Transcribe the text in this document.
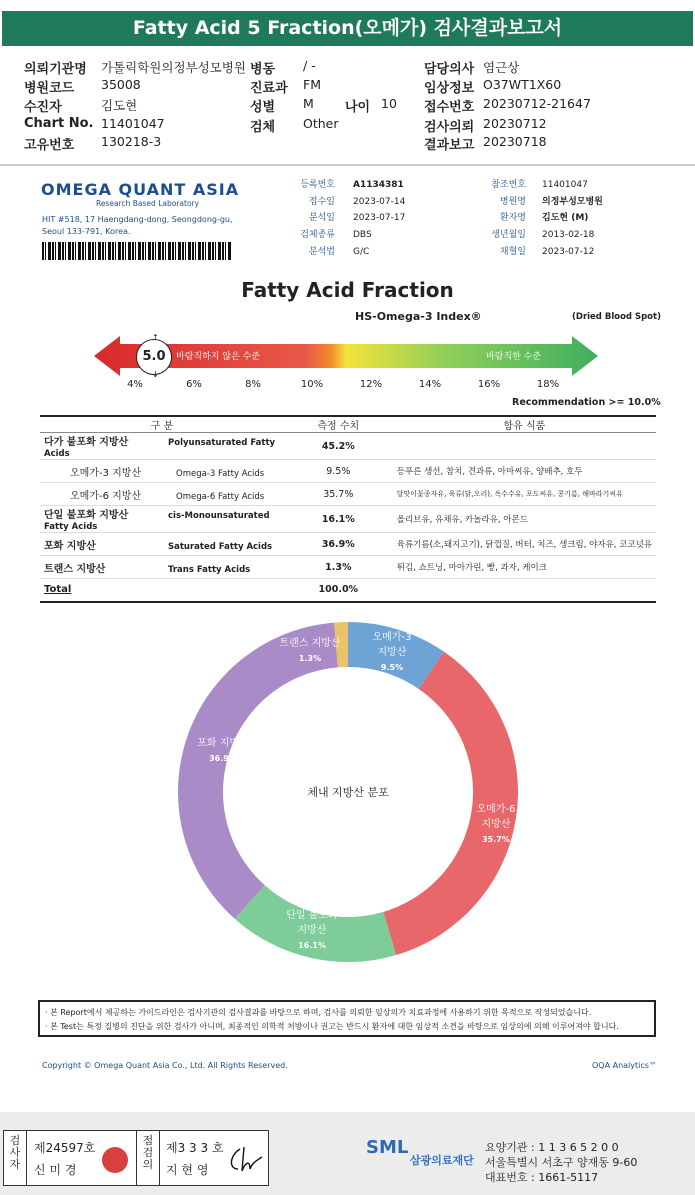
Fatty Acid 5 Fraction(오메가) 검사결과보고서
의뢰기관명 가톨릭학원의정부성모병원 병동 / -	담당의사 염근상
병원코드 35008	진료과 FM	임상정보 O37WT1X60
수진자	김도현	성별 M 나이 10 접수번호 20230712-21647
Chart No. 11401047	검체 Other	검사의뢰 20230712
고유번호 130218-3	결과보고 20230718
OMEGA QUANT ASIA
Research Based Laboratory
HIT #518, 17 Haengdang-dong, Seongdong-gu,
Seoul 133-791, Korea.
등록번호 A1134381	참조번호 11401047
접수일 2023-07-14	병원명 의정부성모병원
분석일 2023-07-17	환자명 김도현 (M)
검체종류 DBS	생년월일 2013-02-18
분석법 G/C	채혈일 2023-07-12
Fatty Acid Fraction
HS-Omega-3 Index®	(Dried Blood Spot)
바람직하지 않은 수준	바람직한 수준
5.0
↑
↓
4%	6%	8%	10%	12%	14%	16%	18%
Recommendation >= 10.0%
구 분	측정 수치	함유 식품
다가 불포화 지방산 Polyunsaturated Fatty Acids	45.2%	
오메가-3 지방산 Omega-3 Fatty Acids	9.5%	등푸른 생선, 참치, 견과류, 아마씨유, 양배추, 호두
오메가-6 지방산 Omega-6 Fatty Acids	35.7%	달맞이꽃종자유, 육류(닭,오리), 옥수수유, 포도씨유, 콩기름, 해바라기씨유
단일 불포화 지방산 cis-Monounsaturated Fatty Acids	16.1%	올리브유, 유채유, 카놀라유, 아몬드
포화 지방산 Saturated Fatty Acids	36.9%	육류기름(소,돼지고기), 닭껍질, 버터, 치즈, 생크림, 야자유, 코코넛유
트랜스 지방산 Trans Fatty Acids	1.3%	튀김, 쇼트닝, 마아가린, 빵, 과자, 케이크
Total	100.0%	
체내 지방산 분포
오메가-3
지방산
9.5%
오메가-6
지방산
35.7%
단일 불포화
지방산
16.1%
포화 지방산
36.9%
트랜스 지방산
1.3%
· 본 Report에서 제공하는 가이드라인은 검사기관의 검사결과를 바탕으로 하며, 검사를 의뢰한 임상의가 치료과정에 사용하기 위한 목적으로 작성되었습니다.
· 본 Test는 특정 질병의 진단을 위한 검사가 아니며, 최종적인 의학적 처방이나 권고는 반드시 환자에 대한 임상적 소견을 바탕으로 임상의에 의해 이루어져야 합니다.
Copyright © Omega Quant Asia Co., Ltd. All Rights Reserved.	OQA Analytics™
검사자
점검의
제24597호
신 미 경
제3 3 3 호
지 현 영
SML
삼광의료재단
요양기관 : 1 1 3 6 5 2 0 0
서울특별시 서초구 양재동 9-60
대표번호 : 1661-5117
